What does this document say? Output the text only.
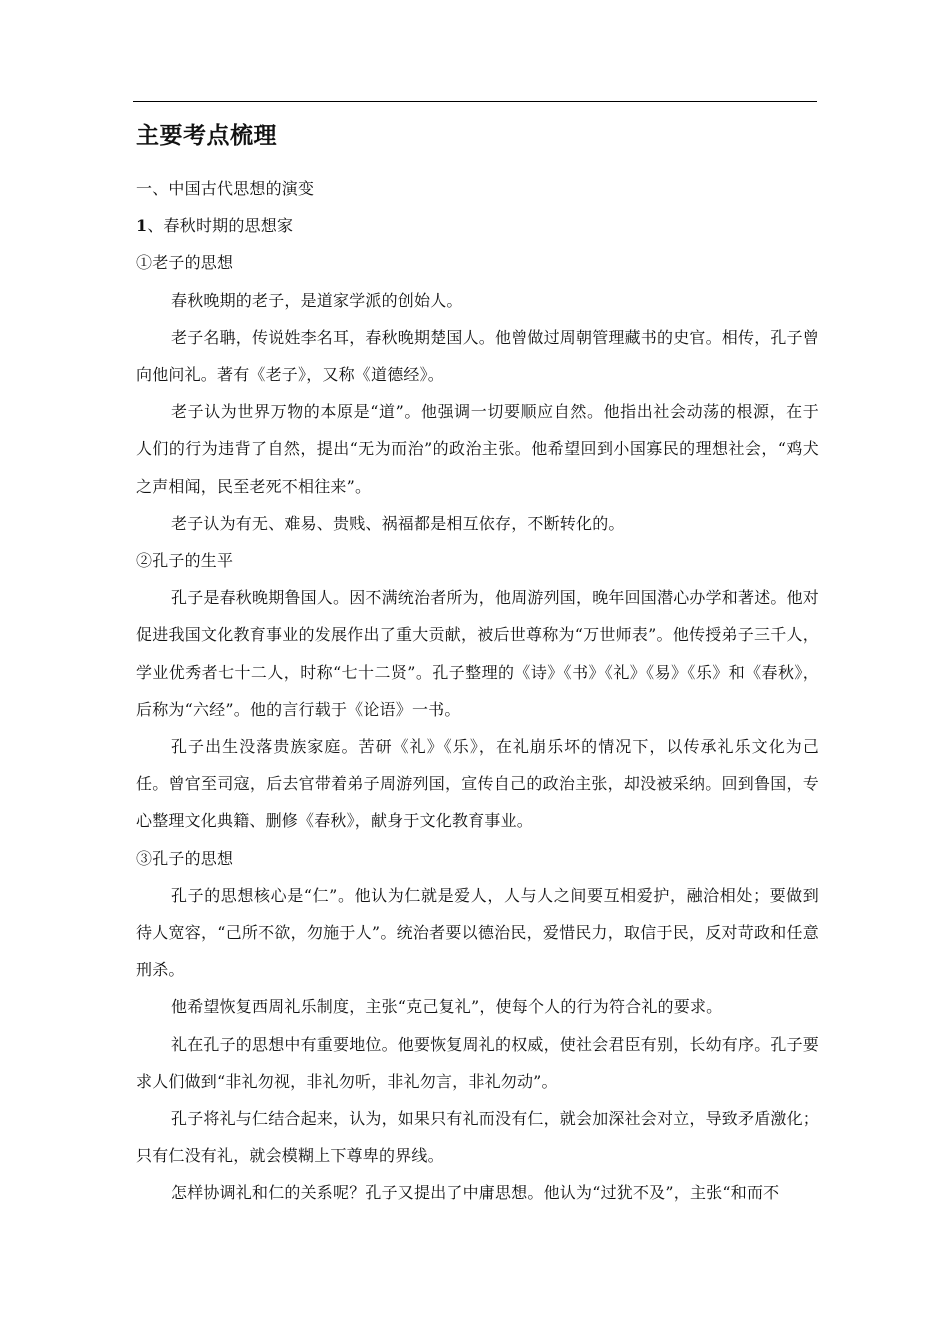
主要考点梳理

一、中国古代思想的演变

1、春秋时期的思想家

①老子的思想

春秋晚期的老子，是道家学派的创始人。

老子名聃，传说姓李名耳，春秋晚期楚国人。他曾做过周朝管理藏书的史官。相传，孔子曾向他问礼。著有《老子》，又称《道德经》。

老子认为世界万物的本原是“道”。他强调一切要顺应自然。他指出社会动荡的根源，在于人们的行为违背了自然，提出“无为而治”的政治主张。他希望回到小国寡民的理想社会，“鸡犬之声相闻，民至老死不相往来”。

老子认为有无、难易、贵贱、祸福都是相互依存，不断转化的。

②孔子的生平

孔子是春秋晚期鲁国人。因不满统治者所为，他周游列国，晚年回国潜心办学和著述。他对促进我国文化教育事业的发展作出了重大贡献，被后世尊称为“万世师表”。他传授弟子三千人，学业优秀者七十二人，时称“七十二贤”。孔子整理的《诗》《书》《礼》《易》《乐》和《春秋》，后称为“六经”。他的言行载于《论语》一书。

孔子出生没落贵族家庭。苦研《礼》《乐》，在礼崩乐坏的情况下，以传承礼乐文化为己任。曾官至司寇，后去官带着弟子周游列国，宣传自己的政治主张，却没被采纳。回到鲁国，专心整理文化典籍、删修《春秋》，献身于文化教育事业。

③孔子的思想

孔子的思想核心是“仁”。他认为仁就是爱人，人与人之间要互相爱护，融洽相处；要做到待人宽容，“己所不欲，勿施于人”。统治者要以德治民，爱惜民力，取信于民，反对苛政和任意刑杀。

他希望恢复西周礼乐制度，主张“克己复礼”，使每个人的行为符合礼的要求。

礼在孔子的思想中有重要地位。他要恢复周礼的权威，使社会君臣有别，长幼有序。孔子要求人们做到“非礼勿视，非礼勿听，非礼勿言，非礼勿动”。

孔子将礼与仁结合起来，认为，如果只有礼而没有仁，就会加深社会对立，导致矛盾激化；只有仁没有礼，就会模糊上下尊卑的界线。

怎样协调礼和仁的关系呢？孔子又提出了中庸思想。他认为“过犹不及”，主张“和而不
